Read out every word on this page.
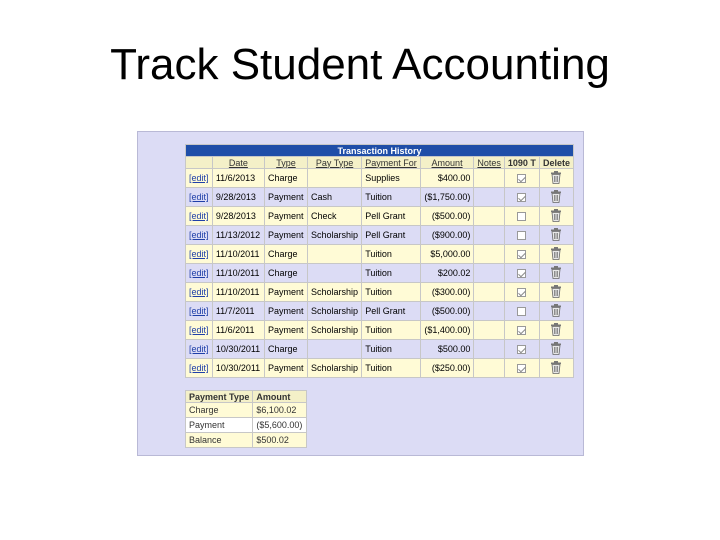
Track Student Accounting
Transaction History								
	Date	Type	Pay Type	Payment For	Amount	Notes	1090 T	Delete
[edit]	11/6/2013	Charge		Supplies	$400.00			
[edit]	9/28/2013	Payment	Cash	Tuition	($1,750.00)			
[edit]	9/28/2013	Payment	Check	Pell Grant	($500.00)			
[edit]	11/13/2012	Payment	Scholarship	Pell Grant	($900.00)			
[edit]	11/10/2011	Charge		Tuition	$5,000.00			
[edit]	11/10/2011	Charge		Tuition	$200.02			
[edit]	11/10/2011	Payment	Scholarship	Tuition	($300.00)			
[edit]	11/7/2011	Payment	Scholarship	Pell Grant	($500.00)			
[edit]	11/6/2011	Payment	Scholarship	Tuition	($1,400.00)			
[edit]	10/30/2011	Charge		Tuition	$500.00			
[edit]	10/30/2011	Payment	Scholarship	Tuition	($250.00)			
Payment Type	Amount
Charge	$6,100.02
Payment	($5,600.00)
Balance	$500.02
